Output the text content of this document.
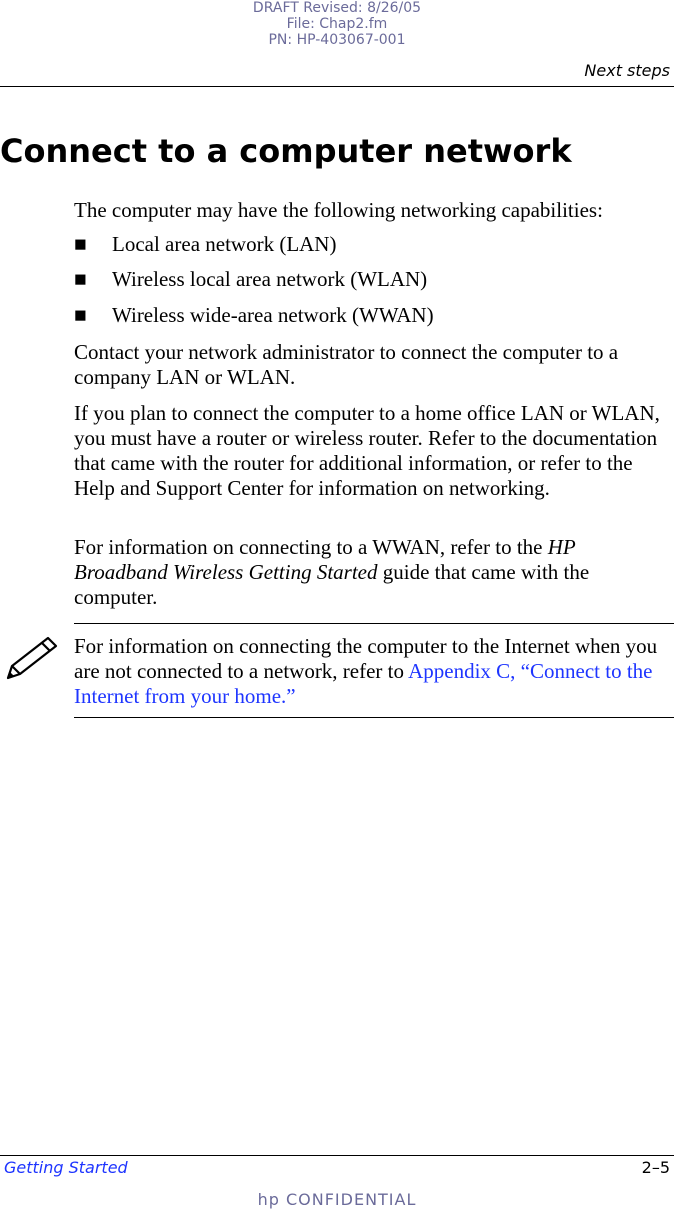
DRAFT Revised: 8/26/05
File: Chap2.fm
PN: HP-403067-001
Next steps
Connect to a computer network

The computer may have the following networking capabilities:

■ Local area network (LAN)
■ Wireless local area network (WLAN)
■ Wireless wide-area network (WWAN)

Contact your network administrator to connect the computer to a company LAN or WLAN.

If you plan to connect the computer to a home office LAN or WLAN, you must have a router or wireless router. Refer to the documentation that came with the router for additional information, or refer to the Help and Support Center for information on networking.

For information on connecting to a WWAN, refer to the HP Broadband Wireless Getting Started guide that came with the computer.

For information on connecting the computer to the Internet when you are not connected to a network, refer to Appendix C, “Connect to the Internet from your home.”

Getting Started	2–5
hp CONFIDENTIAL
